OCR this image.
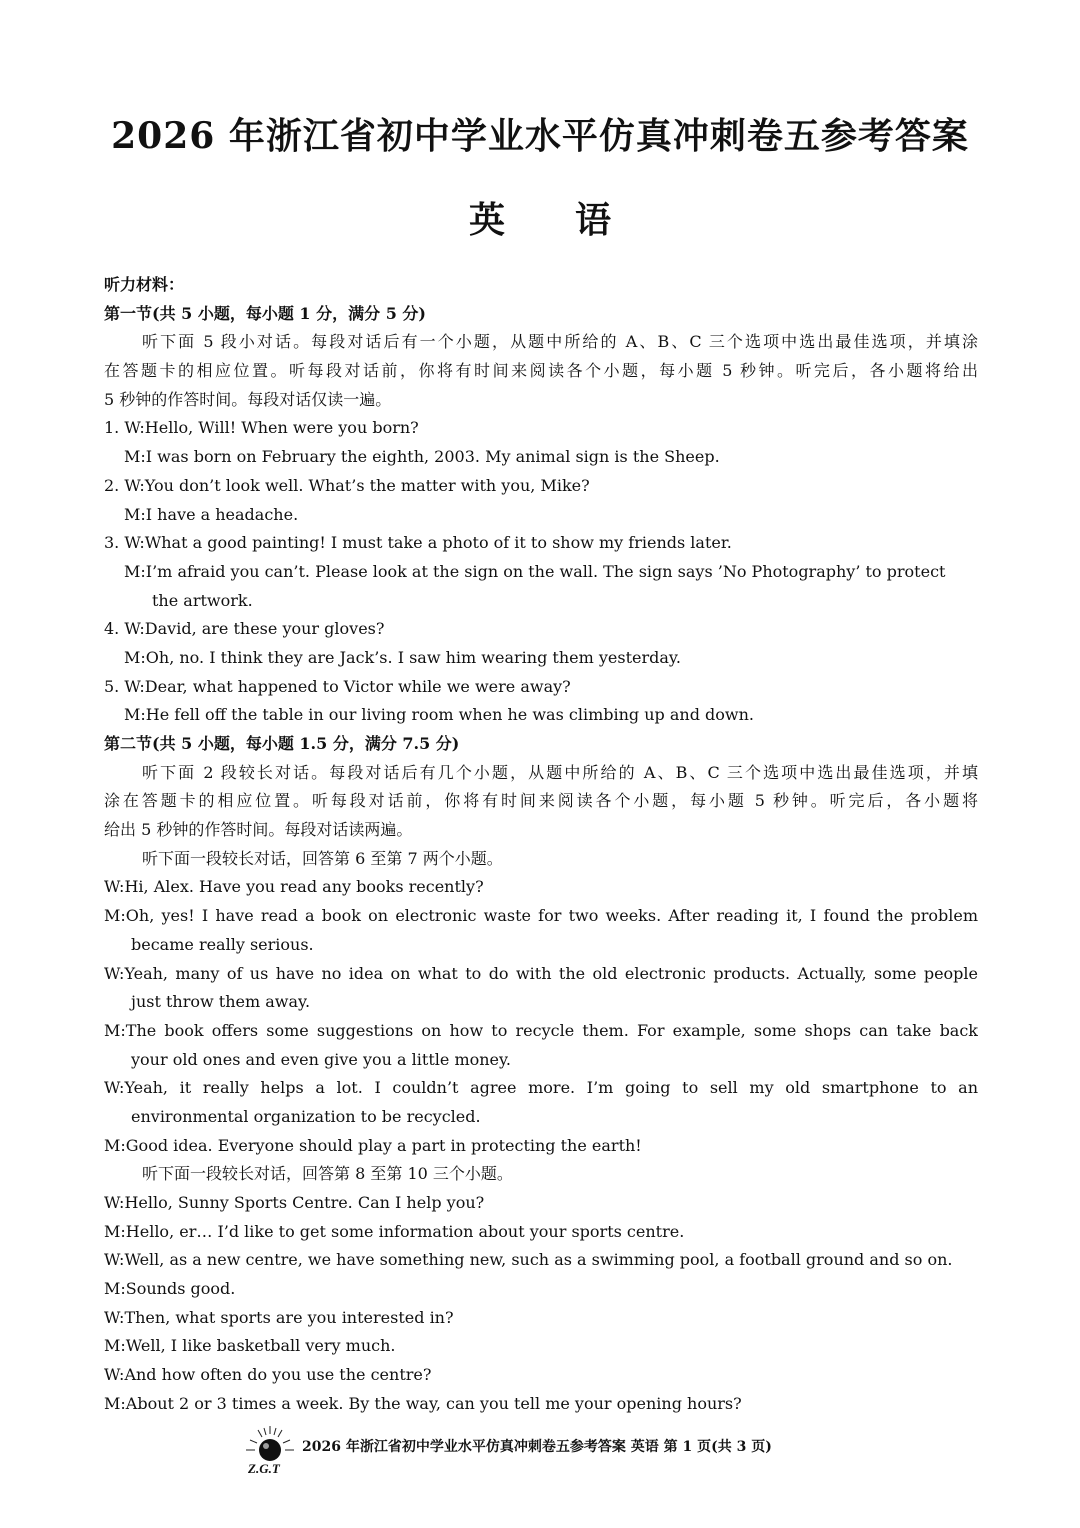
2026 年浙江省初中学业水平仿真冲刺卷五参考答案
英语
听力材料：
第一节(共 5 小题，每小题 1 分，满分 5 分)
听下面 5 段小对话。每段对话后有一个小题，从题中所给的 A、B、C 三个选项中选出最佳选项，并填涂
在答题卡的相应位置。听每段对话前，你将有时间来阅读各个小题，每小题 5 秒钟。听完后，各小题将给出
5 秒钟的作答时间。每段对话仅读一遍。
1. W:Hello, Will! When were you born?
M:I was born on February the eighth, 2003. My animal sign is the Sheep.
2. W:You don’t look well. What’s the matter with you, Mike?
M:I have a headache.
3. W:What a good painting! I must take a photo of it to show my friends later.
M:I’m afraid you can’t. Please look at the sign on the wall. The sign says ’No Photography’ to protect
the artwork.
4. W:David, are these your gloves?
M:Oh, no. I think they are Jack’s. I saw him wearing them yesterday.
5. W:Dear, what happened to Victor while we were away?
M:He fell off the table in our living room when he was climbing up and down.
第二节(共 5 小题，每小题 1.5 分，满分 7.5 分)
听下面 2 段较长对话。每段对话后有几个小题，从题中所给的 A、B、C 三个选项中选出最佳选项，并填
涂在答题卡的相应位置。听每段对话前，你将有时间来阅读各个小题，每小题 5 秒钟。听完后，各小题将
给出 5 秒钟的作答时间。每段对话读两遍。
听下面一段较长对话，回答第 6 至第 7 两个小题。
W:Hi, Alex. Have you read any books recently?
M:Oh, yes! I have read a book on electronic waste for two weeks. After reading it, I found the problem
became really serious.
W:Yeah, many of us have no idea on what to do with the old electronic products. Actually, some people
just throw them away.
M:The book offers some suggestions on how to recycle them. For example, some shops can take back
your old ones and even give you a little money.
W:Yeah, it really helps a lot. I couldn’t agree more. I’m going to sell my old smartphone to an
environmental organization to be recycled.
M:Good idea. Everyone should play a part in protecting the earth!
听下面一段较长对话，回答第 8 至第 10 三个小题。
W:Hello, Sunny Sports Centre. Can I help you?
M:Hello, er… I’d like to get some information about your sports centre.
W:Well, as a new centre, we have something new, such as a swimming pool, a football ground and so on.
M:Sounds good.
W:Then, what sports are you interested in?
M:Well, I like basketball very much.
W:And how often do you use the centre?
M:About 2 or 3 times a week. By the way, can you tell me your opening hours?
Z.G.T
2026 年浙江省初中学业水平仿真冲刺卷五参考答案 英语 第 1 页(共 3 页)
